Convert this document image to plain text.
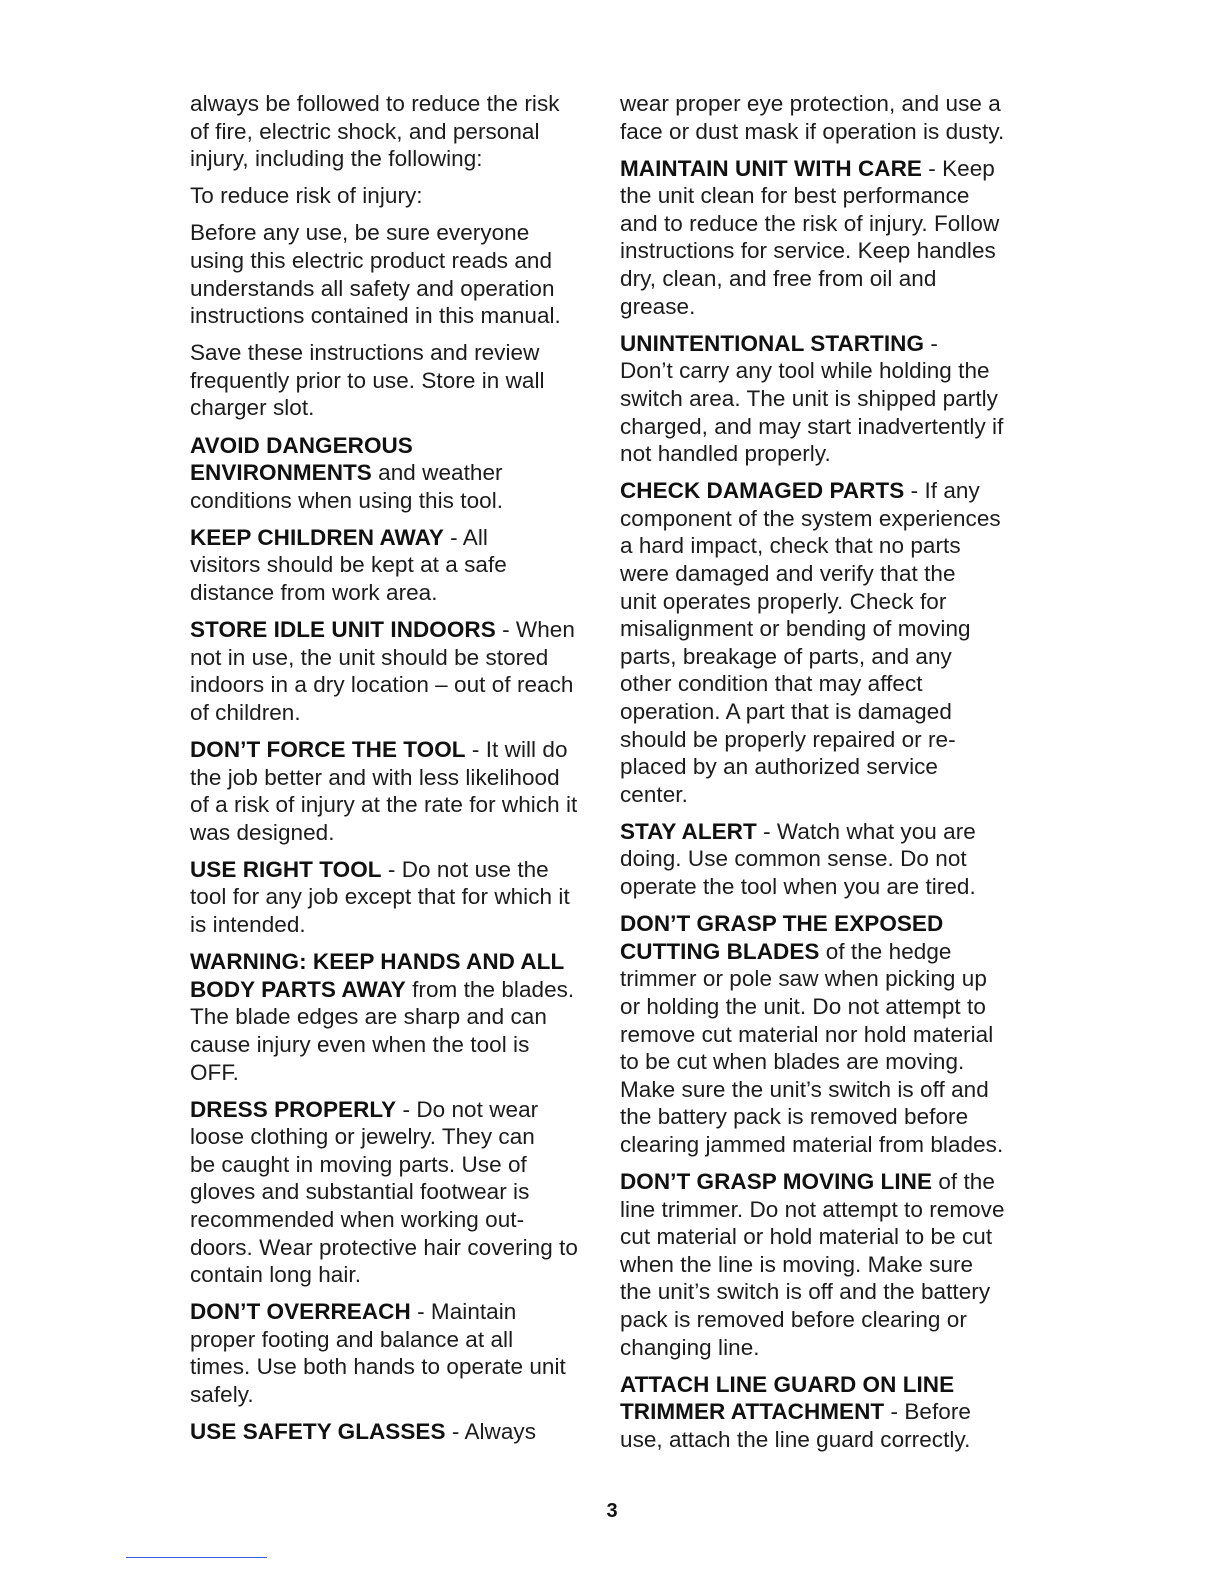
always be followed to reduce the risk
of fire, electric shock, and personal
injury, including the following:
To reduce risk of injury:
Before any use, be sure everyone
using this electric product reads and
understands all safety and operation
instructions contained in this manual.
Save these instructions and review
frequently prior to use. Store in wall
charger slot.
AVOID DANGEROUS
ENVIRONMENTS and weather
conditions when using this tool.
KEEP CHILDREN AWAY - All
visitors should be kept at a safe
distance from work area.
STORE IDLE UNIT INDOORS - When
not in use, the unit should be stored
indoors in a dry location – out of reach
of children.
DON’T FORCE THE TOOL - It will do
the job better and with less likelihood
of a risk of injury at the rate for which it
was designed.
USE RIGHT TOOL - Do not use the
tool for any job except that for which it
is intended.
WARNING: KEEP HANDS AND ALL
BODY PARTS AWAY from the blades.
The blade edges are sharp and can
cause injury even when the tool is
OFF.
DRESS PROPERLY - Do not wear
loose clothing or jewelry. They can
be caught in moving parts. Use of
gloves and substantial footwear is
recommended when working out-
doors. Wear protective hair covering to
contain long hair.
DON’T OVERREACH - Maintain
proper footing and balance at all
times. Use both hands to operate unit
safely.
USE SAFETY GLASSES - Always
wear proper eye protection, and use a
face or dust mask if operation is dusty.
MAINTAIN UNIT WITH CARE - Keep
the unit clean for best performance
and to reduce the risk of injury. Follow
instructions for service. Keep handles
dry, clean, and free from oil and
grease.
UNINTENTIONAL STARTING -
Don’t carry any tool while holding the
switch area. The unit is shipped partly
charged, and may start inadvertently if
not handled properly.
CHECK DAMAGED PARTS - If any
component of the system experiences
a hard impact, check that no parts
were damaged and verify that the
unit operates properly. Check for
misalignment or bending of moving
parts, breakage of parts, and any
other condition that may affect
operation. A part that is damaged
should be properly repaired or re-
placed by an authorized service
center.
STAY ALERT - Watch what you are
doing. Use common sense. Do not
operate the tool when you are tired.
DON’T GRASP THE EXPOSED
CUTTING BLADES of the hedge
trimmer or pole saw when picking up
or holding the unit. Do not attempt to
remove cut material nor hold material
to be cut when blades are moving.
Make sure the unit’s switch is off and
the battery pack is removed before
clearing jammed material from blades.
DON’T GRASP MOVING LINE of the
line trimmer. Do not attempt to remove
cut material or hold material to be cut
when the line is moving. Make sure
the unit’s switch is off and the battery
pack is removed before clearing or
changing line.
ATTACH LINE GUARD ON LINE
TRIMMER ATTACHMENT - Before
use, attach the line guard correctly.
3
